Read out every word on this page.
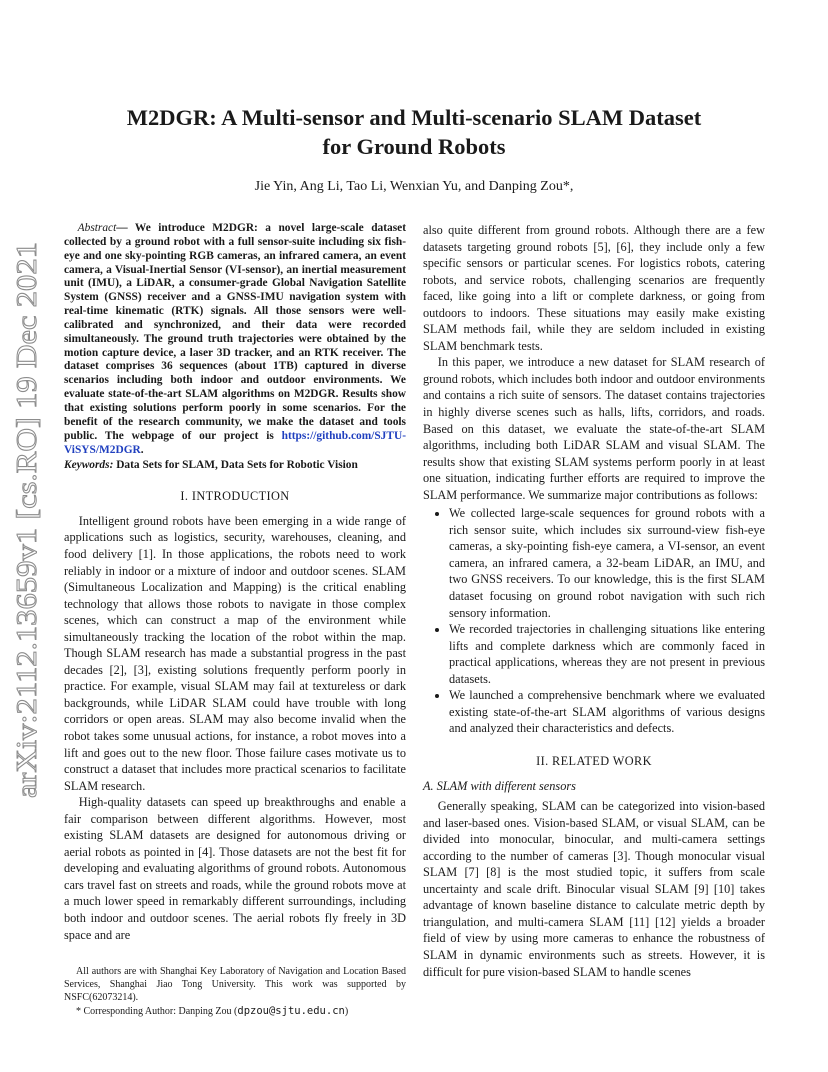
arXiv:2112.13659v1 [cs.RO] 19 Dec 2021
M2DGR: A Multi-sensor and Multi-scenario SLAM Dataset
for Ground Robots
Jie Yin, Ang Li, Tao Li, Wenxian Yu, and Danping Zou*,

Abstract— We introduce M2DGR: a novel large-scale dataset collected by a ground robot with a full sensor-suite including six fish-eye and one sky-pointing RGB cameras, an infrared camera, an event camera, a Visual-Inertial Sensor (VI-sensor), an inertial measurement unit (IMU), a LiDAR, a consumer-grade Global Navigation Satellite System (GNSS) receiver and a GNSS-IMU navigation system with real-time kinematic (RTK) signals. All those sensors were well-calibrated and synchronized, and their data were recorded simultaneously. The ground truth trajectories were obtained by the motion capture device, a laser 3D tracker, and an RTK receiver. The dataset comprises 36 sequences (about 1TB) captured in diverse scenarios including both indoor and outdoor environments. We evaluate state-of-the-art SLAM algorithms on M2DGR. Results show that existing solutions perform poorly in some scenarios. For the benefit of the research community, we make the dataset and tools public. The webpage of our project is https://github.com/SJTU-ViSYS/M2DGR.

Keywords: Data Sets for SLAM, Data Sets for Robotic Vision

I. INTRODUCTION

Intelligent ground robots have been emerging in a wide range of applications such as logistics, security, warehouses, cleaning, and food delivery [1]. In those applications, the robots need to work reliably in indoor or a mixture of indoor and outdoor scenes. SLAM (Simultaneous Localization and Mapping) is the critical enabling technology that allows those robots to navigate in those complex scenes, which can construct a map of the environment while simultaneously tracking the location of the robot within the map. Though SLAM research has made a substantial progress in the past decades [2], [3], existing solutions frequently perform poorly in practice. For example, visual SLAM may fail at textureless or dark backgrounds, while LiDAR SLAM could have trouble with long corridors or open areas. SLAM may also become invalid when the robot takes some unusual actions, for instance, a robot moves into a lift and goes out to the new floor. Those failure cases motivate us to construct a dataset that includes more practical scenarios to facilitate SLAM research.

High-quality datasets can speed up breakthroughs and enable a fair comparison between different algorithms. However, most existing SLAM datasets are designed for autonomous driving or aerial robots as pointed in [4]. Those datasets are not the best fit for developing and evaluating algorithms of ground robots. Autonomous cars travel fast on streets and roads, while the ground robots move at a much lower speed in remarkably different surroundings, including both indoor and outdoor scenes. The aerial robots fly freely in 3D space and are

All authors are with Shanghai Key Laboratory of Navigation and Location Based Services, Shanghai Jiao Tong University. This work was supported by NSFC(62073214).

* Corresponding Author: Danping Zou (dpzou@sjtu.edu.cn)

also quite different from ground robots. Although there are a few datasets targeting ground robots [5], [6], they include only a few specific sensors or particular scenes. For logistics robots, catering robots, and service robots, challenging scenarios are frequently faced, like going into a lift or complete darkness, or going from outdoors to indoors. These situations may easily make existing SLAM methods fail, while they are seldom included in existing SLAM benchmark tests.

In this paper, we introduce a new dataset for SLAM research of ground robots, which includes both indoor and outdoor environments and contains a rich suite of sensors. The dataset contains trajectories in highly diverse scenes such as halls, lifts, corridors, and roads. Based on this dataset, we evaluate the state-of-the-art SLAM algorithms, including both LiDAR SLAM and visual SLAM. The results show that existing SLAM systems perform poorly in at least one situation, indicating further efforts are required to improve the SLAM performance. We summarize major contributions as follows:

• We collected large-scale sequences for ground robots with a rich sensor suite, which includes six surround-view fish-eye cameras, a sky-pointing fish-eye camera, a VI-sensor, an event camera, an infrared camera, a 32-beam LiDAR, an IMU, and two GNSS receivers. To our knowledge, this is the first SLAM dataset focusing on ground robot navigation with such rich sensory information.
• We recorded trajectories in challenging situations like entering lifts and complete darkness which are commonly faced in practical applications, whereas they are not present in previous datasets.
• We launched a comprehensive benchmark where we evaluated existing state-of-the-art SLAM algorithms of various designs and analyzed their characteristics and defects.
II. RELATED WORK
A. SLAM with different sensors

Generally speaking, SLAM can be categorized into vision-based and laser-based ones. Vision-based SLAM, or visual SLAM, can be divided into monocular, binocular, and multi-camera settings according to the number of cameras [3]. Though monocular visual SLAM [7] [8] is the most studied topic, it suffers from scale uncertainty and scale drift. Binocular visual SLAM [9] [10] takes advantage of known baseline distance to calculate metric depth by triangulation, and multi-camera SLAM [11] [12] yields a broader field of view by using more cameras to enhance the robustness of SLAM in dynamic environments such as streets. However, it is difficult for pure vision-based SLAM to handle scenes
